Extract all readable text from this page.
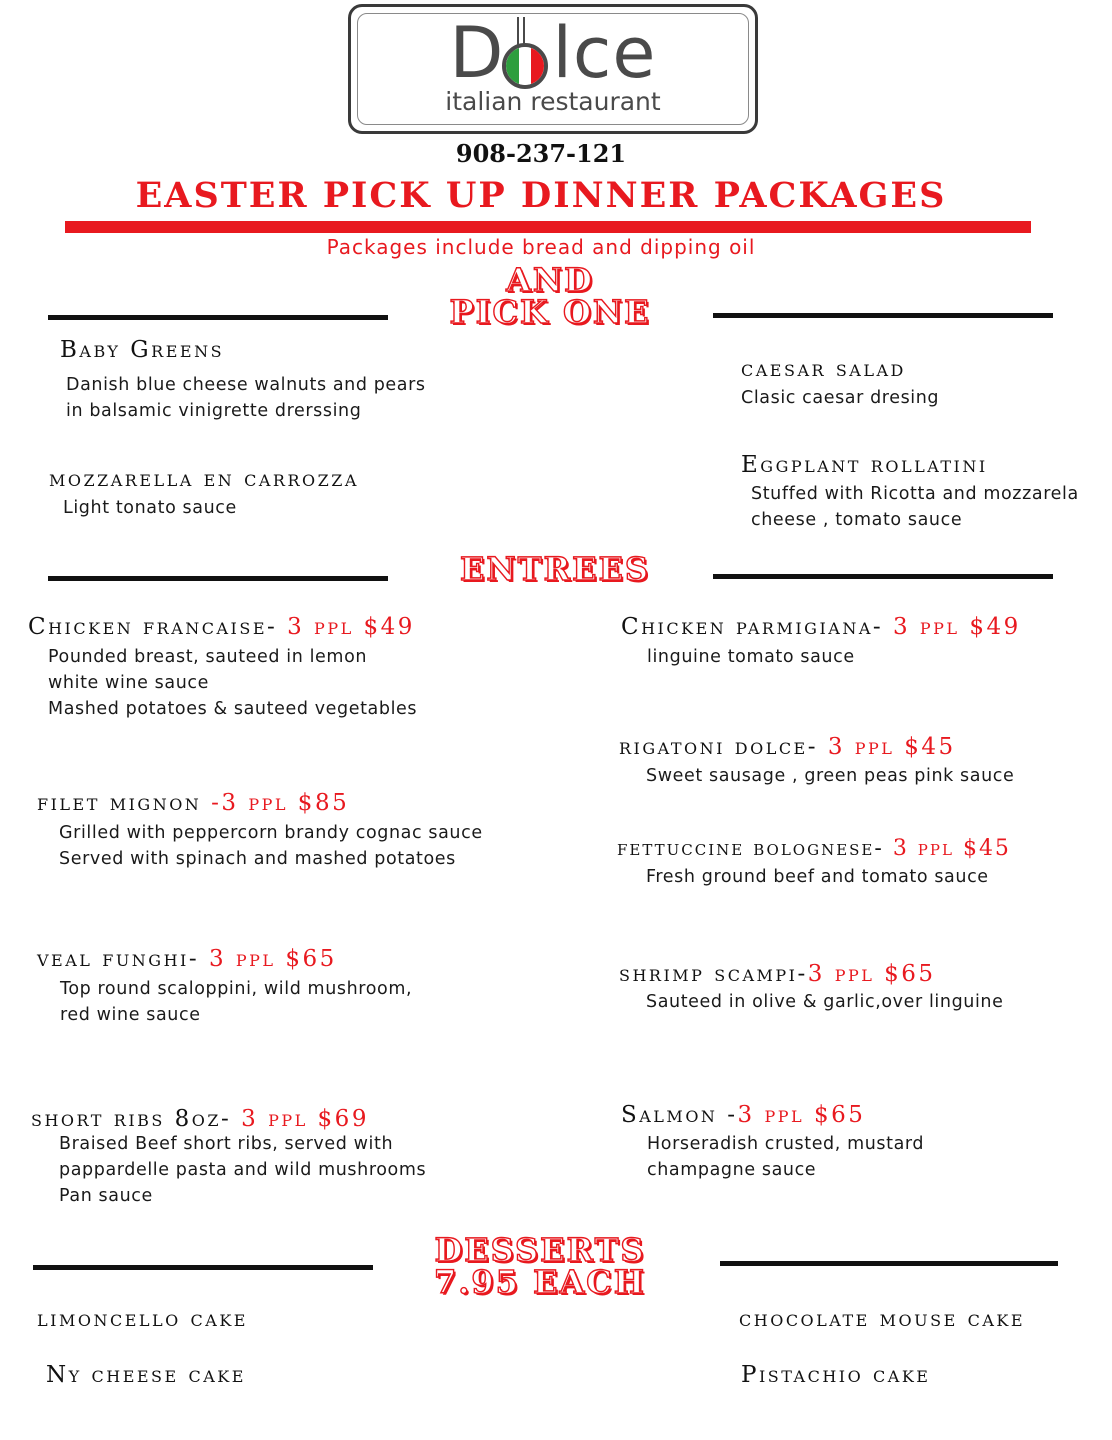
D lce
italian restaurant
908-237-121
EASTER PICK UP DINNER PACKAGES
Packages include bread and dipping oil
AND
PICK ONE
Baby Greens
Danish blue cheese walnuts and pears
in balsamic vinigrette drerssing
caesar salad
Clasic caesar dresing
mozzarella en carrozza
Light tonato sauce
Eggplant rollatini
Stuffed with Ricotta and mozzarela
cheese , tomato sauce
ENTREES
Chicken francaise- 3 ppl $49
Pounded breast, sauteed in lemon
white wine sauce
Mashed potatoes & sauteed vegetables
Chicken parmigiana- 3 ppl $49
linguine tomato sauce
rigatoni dolce- 3 ppl $45
Sweet sausage , green peas pink sauce
filet mignon -3 ppl $85
Grilled with peppercorn brandy cognac sauce
Served with spinach and mashed potatoes	fettuccine bolognese- 3 ppl $45
Fresh ground beef and tomato sauce
veal funghi- 3 ppl $65
Top round scaloppini, wild mushroom,
red wine sauce
shrimp scampi-3 ppl $65
Sauteed in olive & garlic,over linguine
short ribs 8oz- 3 ppl $69
Braised Beef short ribs, served with
pappardelle pasta and wild mushrooms
Pan sauce
Salmon -3 ppl $65
Horseradish crusted, mustard
champagne sauce
DESSERTS
7.95 EACH
limoncello cake	chocolate mouse cake
Ny cheese cake	Pistachio cake
